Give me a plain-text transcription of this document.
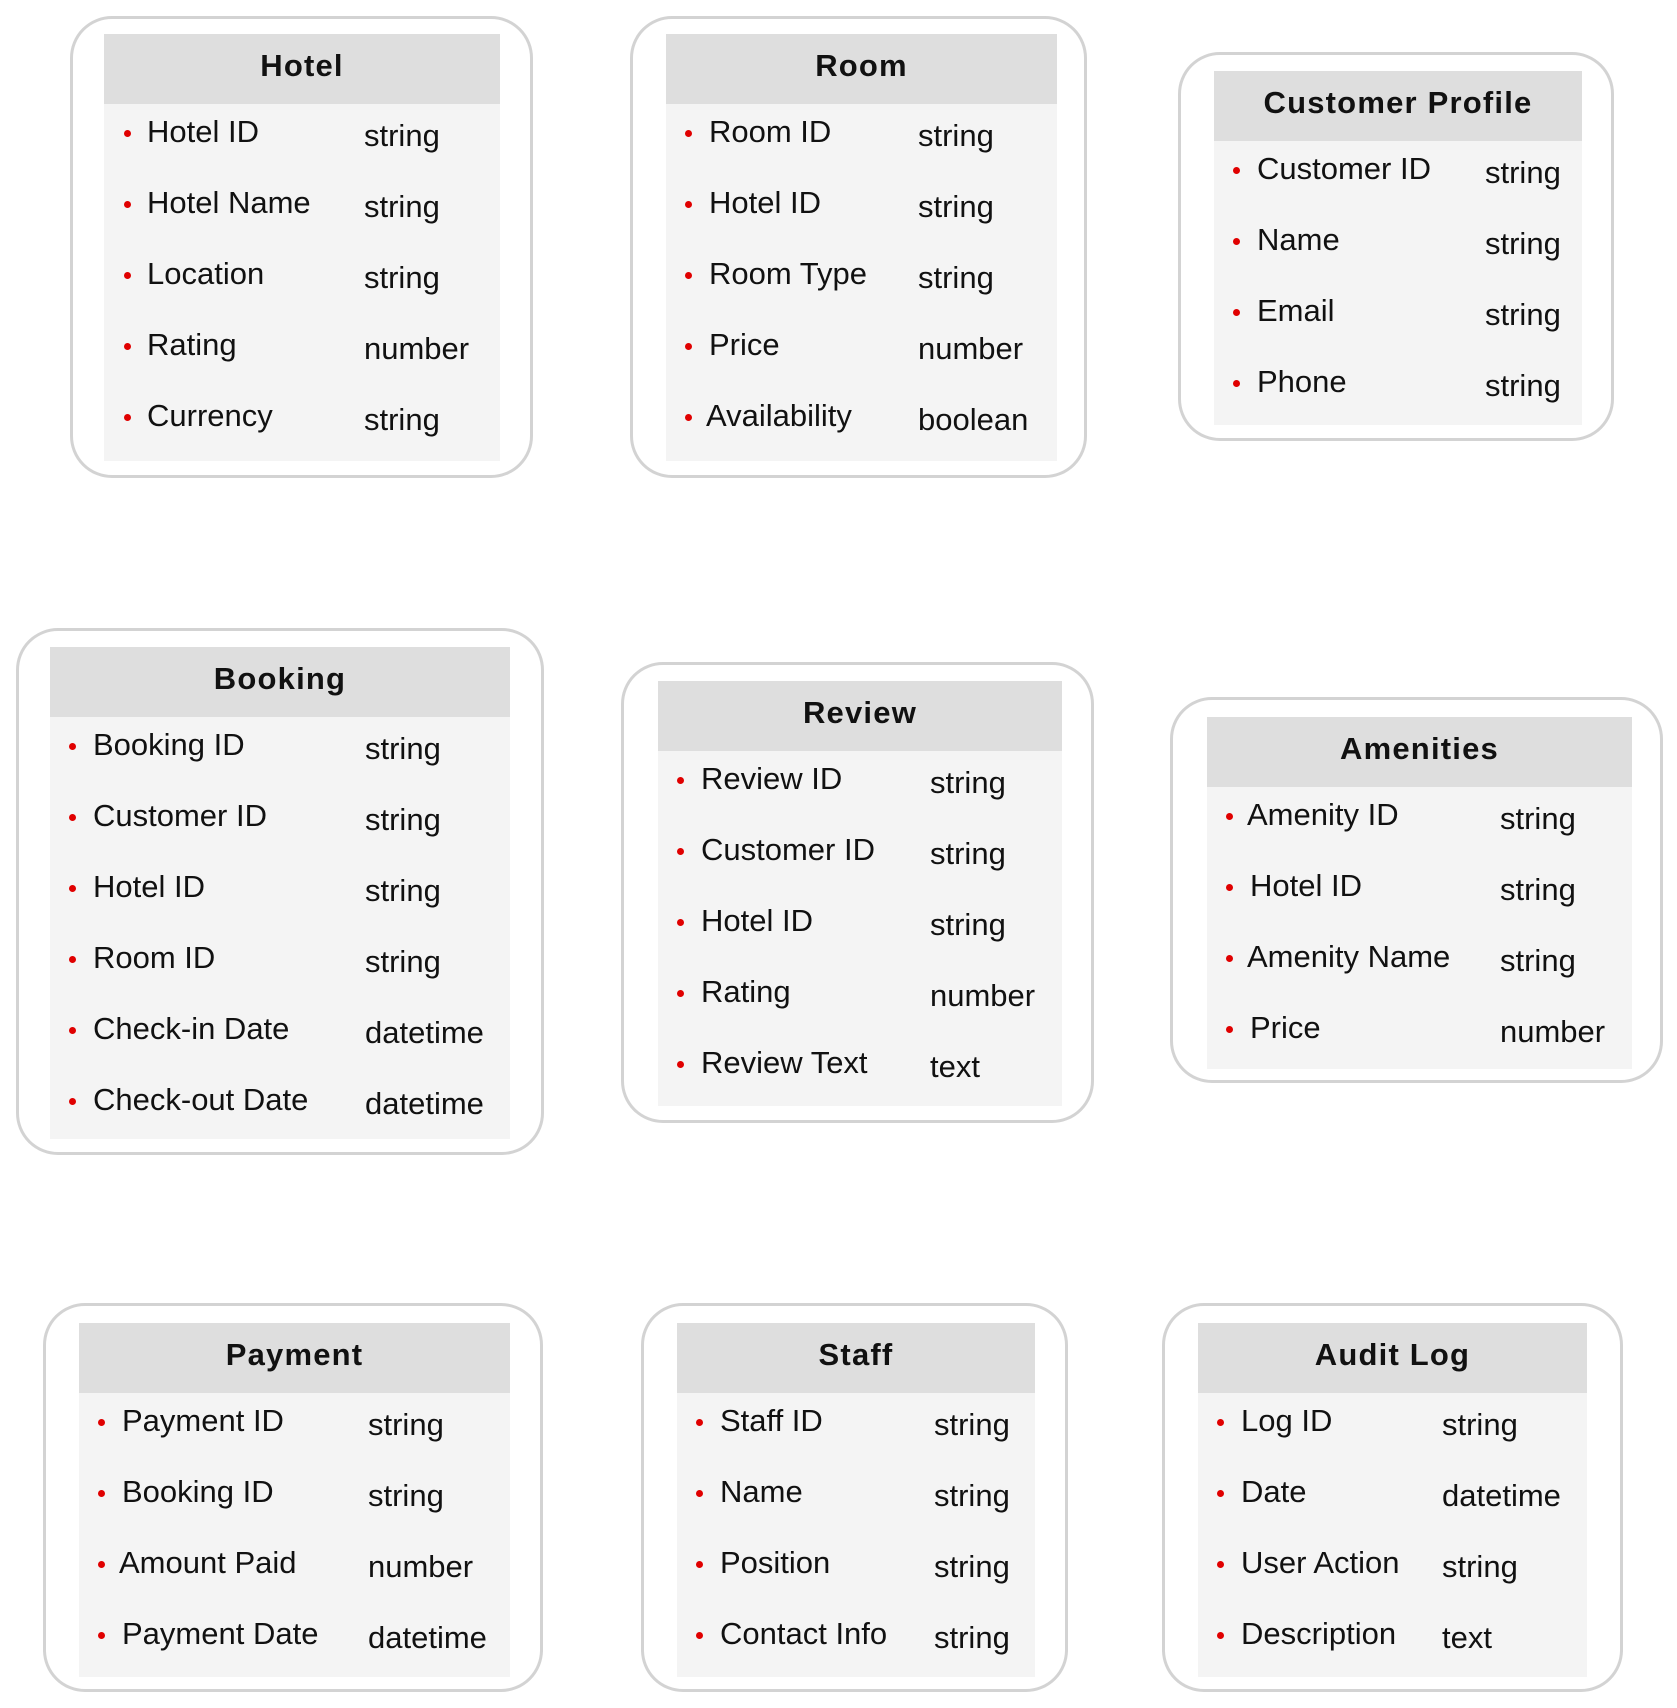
Hotel
Hotel ID	string
Hotel Name string
Location	string
Rating	number
Currency	string
Room
Room ID	string
Hotel ID	string
Room Type string
Price	number
Availability boolean
Customer Profile
Customer ID string
Name	string
Email	string
Phone	string
Booking
Booking ID	string
Customer ID	string
Hotel ID	string
Room ID	string
Check-in Date datetime
Check-out Date datetime
Review
Review ID	string
Customer ID string
Hotel ID	string
Rating	number
Review Text text
Amenities
Amenity ID	string
Hotel ID	string
Amenity Name string
Price	number
Payment
Payment ID	string
Booking ID	string
Amount Paid number
Payment Date datetime
Staff
Staff ID	string
Name	string
Position	string
Contact Info string
Audit Log
Log ID	string
Date	datetime
User Action string
Description text
